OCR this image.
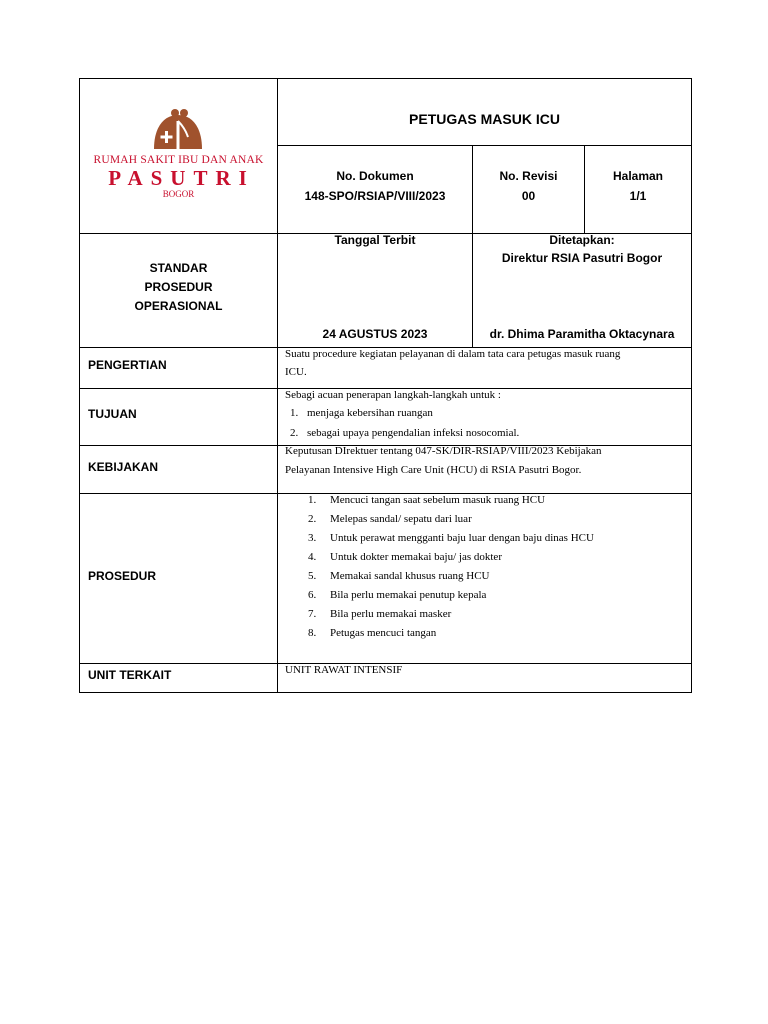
RUMAH SAKIT IBU DAN ANAK
PASUTRI
BOGOR
PETUGAS MASUK ICU
No. Dokumen
148-SPO/RSIAP/VIII/2023
No. Revisi
00
Halaman
1/1
STANDAR
PROSEDUR
OPERASIONAL
Tanggal Terbit
24 AGUSTUS 2023
Ditetapkan:
Direktur RSIA Pasutri Bogor
dr. Dhima Paramitha Oktacynara
PENGERTIAN
Suatu procedure kegiatan pelayanan di dalam tata cara petugas masuk ruang
ICU.
TUJUAN
Sebagi acuan penerapan langkah-langkah untuk :
1. menjaga kebersihan ruangan
2. sebagai upaya pengendalian infeksi nosocomial.
KEBIJAKAN
Keputusan DIrektuer tentang 047-SK/DIR-RSIAP/VIII/2023 Kebijakan
Pelayanan Intensive High Care Unit (HCU) di RSIA Pasutri Bogor.
PROSEDUR
1. Mencuci tangan saat sebelum masuk ruang HCU
2. Melepas sandal/ sepatu dari luar
3. Untuk perawat mengganti baju luar dengan baju dinas HCU
4. Untuk dokter memakai baju/ jas dokter
5. Memakai sandal khusus ruang HCU
6. Bila perlu memakai penutup kepala
7. Bila perlu memakai masker
8. Petugas mencuci tangan
UNIT TERKAIT	UNIT RAWAT INTENSIF
